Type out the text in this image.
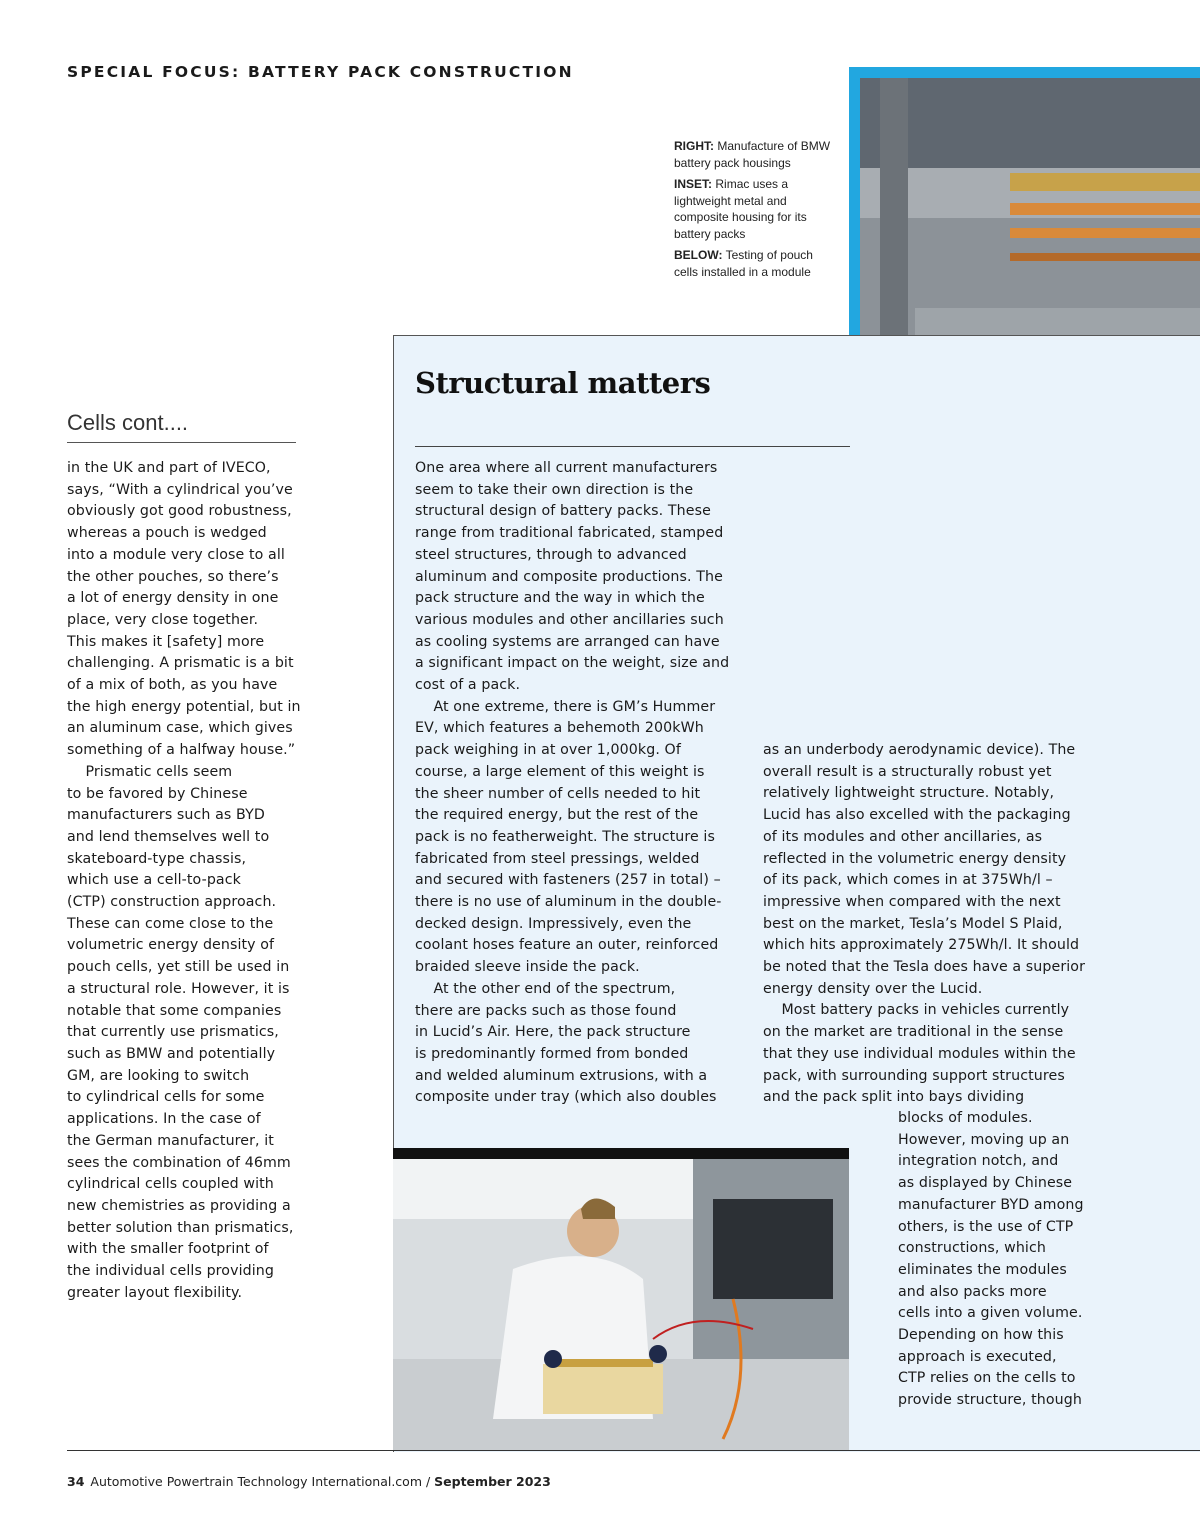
SPECIAL FOCUS: BATTERY PACK CONSTRUCTION

RIGHT: Manufacture of BMW battery pack housings

INSET: Rimac uses a lightweight metal and composite housing for its battery packs

BELOW: Testing of pouch cells installed in a module

Cells cont....
in the UK and part of IVECO,
says, “With a cylindrical you’ve
obviously got good robustness,
whereas a pouch is wedged
into a module very close to all
the other pouches, so there’s
a lot of energy density in one
place, very close together.
This makes it [safety] more
challenging. A prismatic is a bit
of a mix of both, as you have
the high energy potential, but in
an aluminum case, which gives
something of a halfway house.”
Prismatic cells seem
to be favored by Chinese
manufacturers such as BYD
and lend themselves well to
skateboard-type chassis,
which use a cell-to-pack
(CTP) construction approach.
These can come close to the
volumetric energy density of
pouch cells, yet still be used in
a structural role. However, it is
notable that some companies
that currently use prismatics,
such as BMW and potentially
GM, are looking to switch
to cylindrical cells for some
applications. In the case of
the German manufacturer, it
sees the combination of 46mm
cylindrical cells coupled with
new chemistries as providing a
better solution than prismatics,
with the smaller footprint of
the individual cells providing
greater layout flexibility.
Structural matters
One area where all current manufacturers
seem to take their own direction is the
structural design of battery packs. These
range from traditional fabricated, stamped
steel structures, through to advanced
aluminum and composite productions. The
pack structure and the way in which the
various modules and other ancillaries such
as cooling systems are arranged can have
a significant impact on the weight, size and
cost of a pack.
At one extreme, there is GM’s Hummer
EV, which features a behemoth 200kWh
pack weighing in at over 1,000kg. Of
course, a large element of this weight is
the sheer number of cells needed to hit
the required energy, but the rest of the
pack is no featherweight. The structure is
fabricated from steel pressings, welded
and secured with fasteners (257 in total) –
there is no use of aluminum in the double-
decked design. Impressively, even the
coolant hoses feature an outer, reinforced
braided sleeve inside the pack.
At the other end of the spectrum,
there are packs such as those found
in Lucid’s Air. Here, the pack structure
is predominantly formed from bonded
and welded aluminum extrusions, with a
composite under tray (which also doubles
as an underbody aerodynamic device). The
overall result is a structurally robust yet
relatively lightweight structure. Notably,
Lucid has also excelled with the packaging
of its modules and other ancillaries, as
reflected in the volumetric energy density
of its pack, which comes in at 375Wh/l –
impressive when compared with the next
best on the market, Tesla’s Model S Plaid,
which hits approximately 275Wh/l. It should
be noted that the Tesla does have a superior
energy density over the Lucid.
Most battery packs in vehicles currently
on the market are traditional in the sense
that they use individual modules within the
pack, with surrounding support structures
and the pack split into bays dividing
blocks of modules.
However, moving up an
integration notch, and
as displayed by Chinese
manufacturer BYD among
others, is the use of CTP
constructions, which
eliminates the modules
and also packs more
cells into a given volume.
Depending on how this
approach is executed,
CTP relies on the cells to
provide structure, though
34 Automotive Powertrain Technology International.com / September 2023
